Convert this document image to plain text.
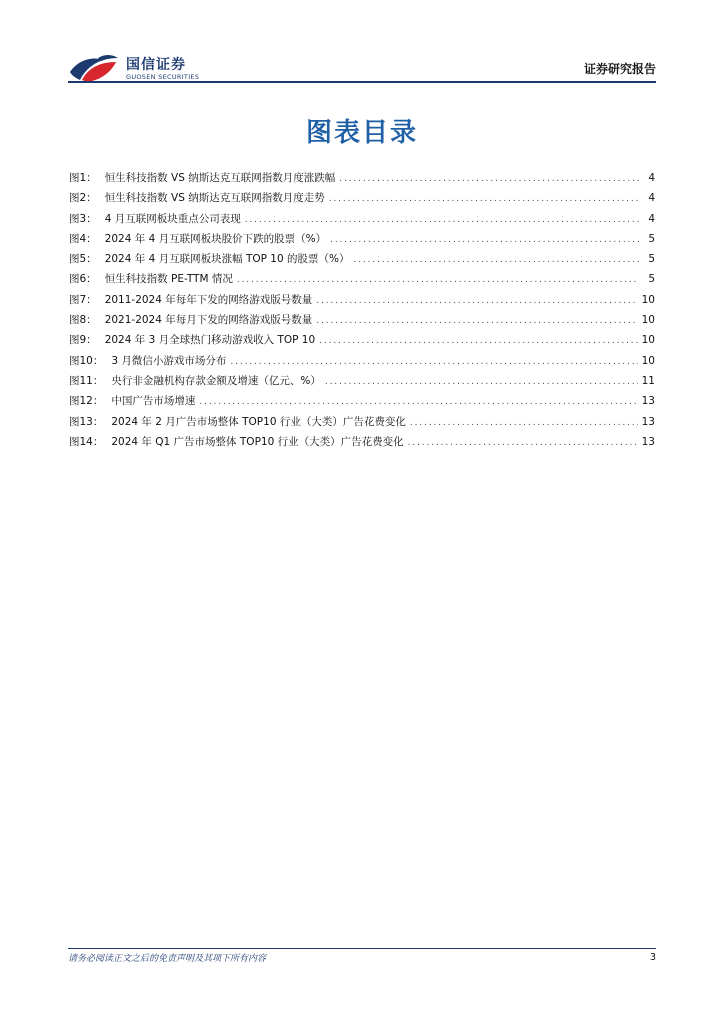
国信证券
GUOSEN SECURITIES
证券研究报告
图表目录
图1： 恒生科技指数 VS 纳斯达克互联网指数月度涨跌幅 . . .	4
图2： 恒生科技指数 VS 纳斯达克互联网指数月度走势 . . .	4
图3： 4 月互联网板块重点公司表现 . . .	4
图4： 2024 年 4 月互联网板块股价下跌的股票（%） . . .	5
图5： 2024 年 4 月互联网板块涨幅 TOP 10 的股票（%） . . .	5
图6： 恒生科技指数 PE-TTM 情况 . . .	5
图7： 2011-2024 年每年下发的网络游戏版号数量 . . .	10
图8： 2021-2024 年每月下发的网络游戏版号数量 . . .	10
图9： 2024 年 3 月全球热门移动游戏收入 TOP 10 . . .	10
图10： 3 月微信小游戏市场分布 . . .	10
图11： 央行非金融机构存款金额及增速（亿元、%） . . .	11
图12： 中国广告市场增速 . . .	13
图13： 2024 年 2 月广告市场整体 TOP10 行业（大类）广告花费变化 . . .	13
图14： 2024 年 Q1 广告市场整体 TOP10 行业（大类）广告花费变化 . . .	13
请务必阅读正文之后的免责声明及其项下所有内容	3
